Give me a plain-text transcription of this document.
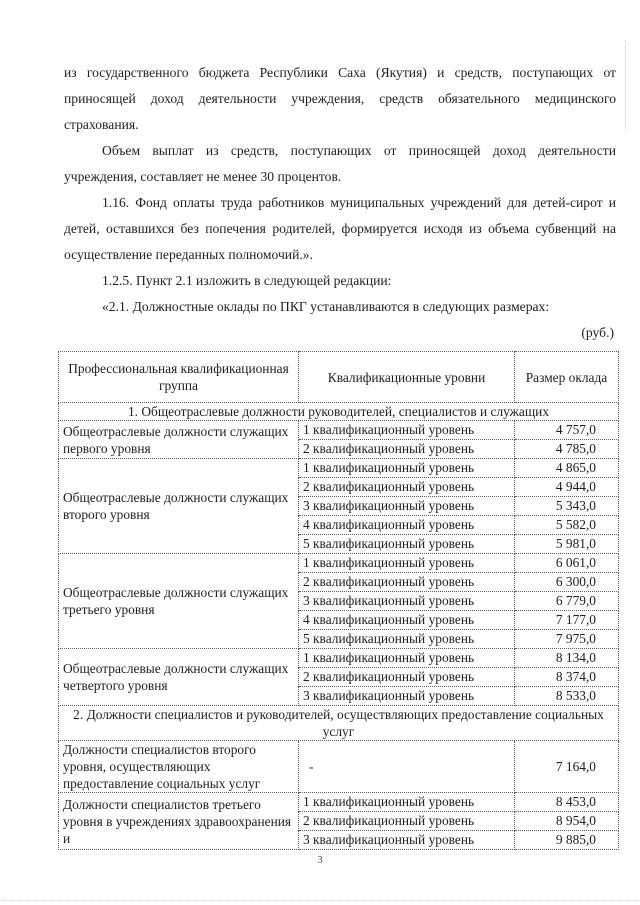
из государственного бюджета Республики Саха (Якутия) и средств, поступающих от приносящей доход деятельности учреждения, средств обязательного медицинского страхования.

Объем выплат из средств, поступающих от приносящей доход деятельности учреждения, составляет не менее 30 процентов.

1.16. Фонд оплаты труда работников муниципальных учреждений для детей-сирот и детей, оставшихся без попечения родителей, формируется исходя из объема субвенций на осуществление переданных полномочий.».

1.2.5. Пункт 2.1 изложить в следующей редакции:

«2.1. Должностные оклады по ПКГ устанавливаются в следующих размерах:

(руб.)
Профессиональная квалификационная группа	Квалификационные уровни	Размер оклада
1. Общеотраслевые должности руководителей, специалистов и служащих		
Общеотраслевые должности служащих первого уровня	1 квалификационный уровень	4 757,0
	2 квалификационный уровень	4 785,0
Общеотраслевые должности служащих второго уровня	1 квалификационный уровень	4 865,0
	2 квалификационный уровень	4 944,0
	3 квалификационный уровень	5 343,0
	4 квалификационный уровень	5 582,0
	5 квалификационный уровень	5 981,0
Общеотраслевые должности служащих третьего уровня	1 квалификационный уровень	6 061,0
	2 квалификационный уровень	6 300,0
	3 квалификационный уровень	6 779,0
	4 квалификационный уровень	7 177,0
	5 квалификационный уровень	7 975,0
Общеотраслевые должности служащих четвертого уровня	1 квалификационный уровень	8 134,0
	2 квалификационный уровень	8 374,0
	3 квалификационный уровень	8 533,0
2. Должности специалистов и руководителей, осуществляющих предоставление социальных услуг		
Должности специалистов второго уровня, осуществляющих предоставление социальных услуг	-	7 164,0
Должности специалистов третьего уровня в учреждениях здравоохранения и	1 квалификационный уровень	8 453,0
	2 квалификационный уровень	8 954,0
	3 квалификационный уровень	9 885,0
3
